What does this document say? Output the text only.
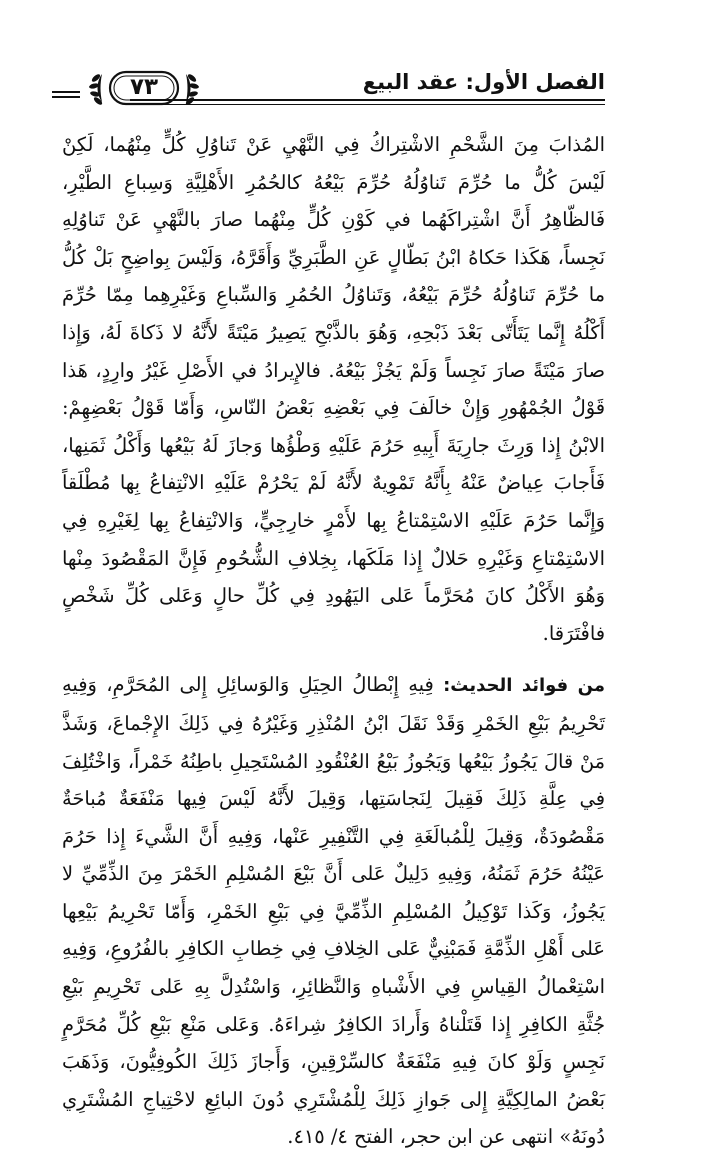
الفصل الأول: عقد البيع
٧٣

المُذابَ مِنَ الشَّحْمِ الاشْتِراكُ فِي النَّهْيِ عَنْ تَناوُلِ كُلٍّ مِنْهُما، لَكِنْ لَيْسَ كُلُّ ما حُرِّمَ تَناوُلُهُ حُرِّمَ بَيْعُهُ كالحُمُرِ الأَهْلِيَّةِ وَسِباعِ الطَّيْرِ، فَالظّاهِرُ أَنَّ اشْتِراكَهُما في كَوْنِ كُلٍّ مِنْهُما صارَ بالنَّهْيِ عَنْ تَناوُلِهِ نَجِساً، هَكَذا حَكاهُ ابْنُ بَطّالٍ عَنِ الطَّبَرِيِّ وَأَقَرَّهُ، وَلَيْسَ بِواضِحٍ بَلْ كُلُّ ما حُرِّمَ تَناوُلُهُ حُرِّمَ بَيْعُهُ، وَتَناوُلُ الحُمُرِ وَالسِّباعِ وَغَيْرِهِما مِمّا حُرِّمَ أَكْلُهُ إِنَّما يَتَأَتّى بَعْدَ ذَبْحِهِ، وَهُوَ بالذَّبْحِ يَصِيرُ مَيْتَةً لأَنَّهُ لا ذَكاةَ لَهُ، وَإِذا صارَ مَيْتَةً صارَ نَجِساً وَلَمْ يَجُزْ بَيْعُهُ. فالإِيرادُ في الأَصْلِ غَيْرُ وارِدٍ، هَذا قَوْلُ الجُمْهُورِ وَإِنْ خالَفَ فِي بَعْضِهِ بَعْضُ النّاسِ، وَأَمّا قَوْلُ بَعْضِهِمْ: الابْنُ إِذا وَرِثَ جارِيَةَ أَبِيهِ حَرُمَ عَلَيْهِ وَطْؤُها وَجازَ لَهُ بَيْعُها وَأَكْلُ ثَمَنِها، فَأَجابَ عِياضٌ عَنْهُ بِأَنَّهُ تَمْوِيهٌ لأَنَّهُ لَمْ يَحْرُمْ عَلَيْهِ الانْتِفاعُ بِها مُطْلَقاً وَإِنَّما حَرُمَ عَلَيْهِ الاسْتِمْتاعُ بِها لأَمْرٍ خارِجِيٍّ، وَالانْتِفاعُ بِها لِغَيْرِهِ فِي الاسْتِمْتاعِ وَغَيْرِهِ حَلالٌ إِذا مَلَكَها، بِخِلافِ الشُّحُومِ فَإِنَّ المَقْصُودَ مِنْها وَهُوَ الأَكْلُ كانَ مُحَرَّماً عَلى اليَهُودِ فِي كُلِّ حالٍ وَعَلى كُلِّ شَخْصٍ فافْتَرَقا.

من فوائد الحديث: فِيهِ إِبْطالُ الحِيَلِ وَالوَسائِلِ إِلى المُحَرَّمِ، وَفِيهِ تَحْرِيمُ بَيْعِ الخَمْرِ وَقَدْ نَقَلَ ابْنُ المُنْذِرِ وَغَيْرُهُ فِي ذَلِكَ الإِجْماعَ، وَشَذَّ مَنْ قالَ يَجُوزُ بَيْعُها وَيَجُوزُ بَيْعُ العُنْقُودِ المُسْتَحِيلِ باطِنُهُ خَمْراً، وَاخْتُلِفَ فِي عِلَّةِ ذَلِكَ فَقِيلَ لِنَجاسَتِها، وَقِيلَ لأَنَّهُ لَيْسَ فِيها مَنْفَعَةٌ مُباحَةٌ مَقْصُودَةٌ، وَقِيلَ لِلْمُبالَغَةِ فِي التَّنْفِيرِ عَنْها، وَفِيهِ أَنَّ الشَّيءَ إِذا حَرُمَ عَيْنُهُ حَرُمَ ثَمَنُهُ، وَفِيهِ دَلِيلٌ عَلى أَنَّ بَيْعَ المُسْلِمِ الخَمْرَ مِنَ الذِّمِّيِّ لا يَجُوزُ، وَكَذا تَوْكِيلُ المُسْلِمِ الذِّمِّيَّ فِي بَيْعِ الخَمْرِ، وَأَمّا تَحْرِيمُ بَيْعِها عَلى أَهْلِ الذِّمَّةِ فَمَبْنِيٌّ عَلى الخِلافِ فِي خِطابِ الكافِرِ بالفُرُوعِ، وَفِيهِ اسْتِعْمالُ القِياسِ فِي الأَشْباهِ وَالنَّظائِرِ، وَاسْتُدِلَّ بِهِ عَلى تَحْرِيمِ بَيْعِ جُثَّةِ الكافِرِ إِذا قَتَلْناهُ وَأَرادَ الكافِرُ شِراءَهُ. وَعَلى مَنْعِ بَيْعِ كُلِّ مُحَرَّمٍ نَجِسٍ وَلَوْ كانَ فِيهِ مَنْفَعَةٌ كالسِّرْقِينِ، وَأَجازَ ذَلِكَ الكُوفِيُّونَ، وَذَهَبَ بَعْضُ المالِكِيَّةِ إِلى جَوازِ ذَلِكَ لِلْمُشْتَرِي دُونَ البائِعِ لاحْتِياجِ المُشْتَرِي دُونَهُ» انتهى عن ابن حجر، الفتح ٤/ ٤١٥.
